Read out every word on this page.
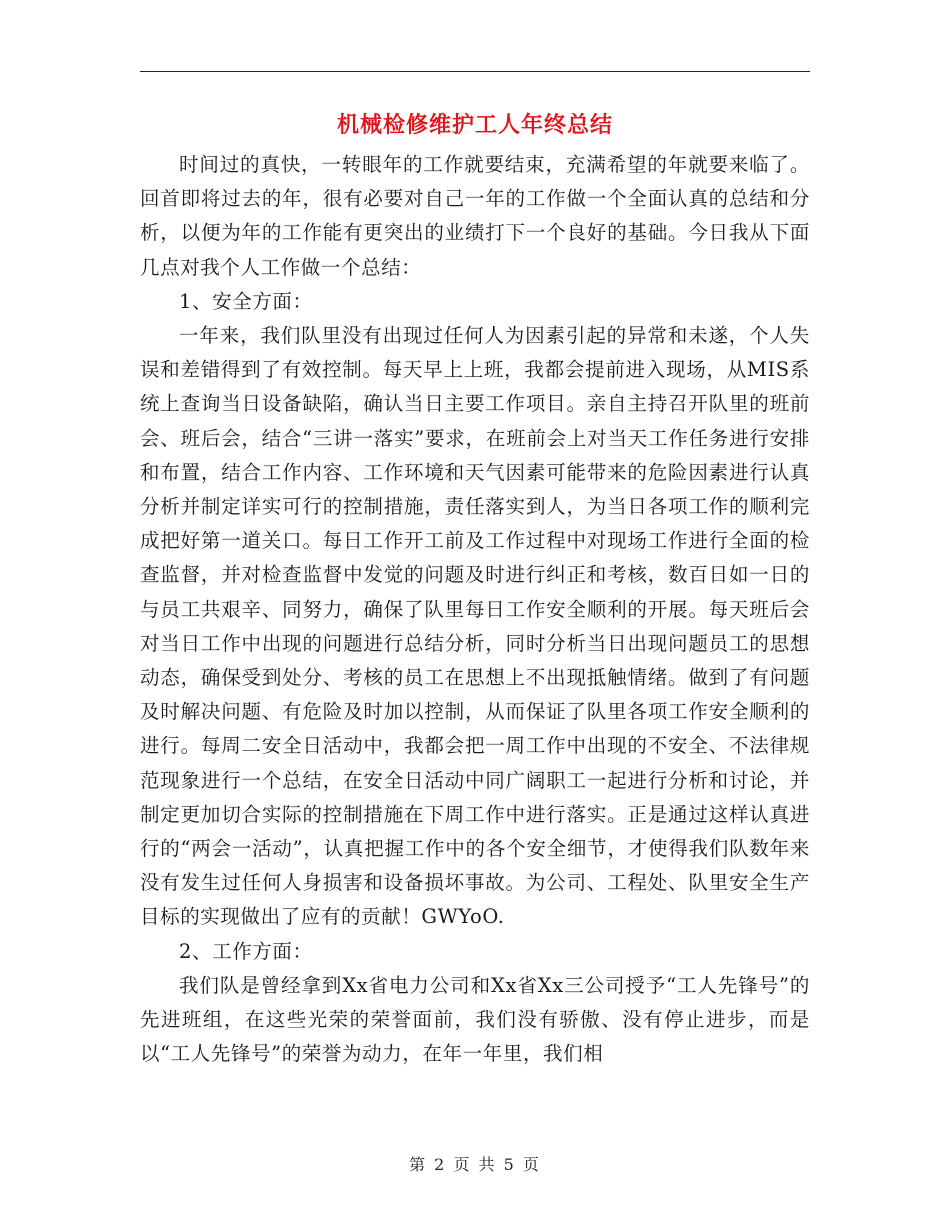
机械检修维护工人年终总结

时间过的真快，一转眼年的工作就要结束，充满希望的年就要来临了。回首即将过去的年，很有必要对自己一年的工作做一个全面认真的总结和分析，以便为年的工作能有更突出的业绩打下一个良好的基础。今日我从下面几点对我个人工作做一个总结：

1、安全方面：

一年来，我们队里没有出现过任何人为因素引起的异常和未遂，个人失误和差错得到了有效控制。每天早上上班，我都会提前进入现场，从MIS系统上查询当日设备缺陷，确认当日主要工作项目。亲自主持召开队里的班前会、班后会，结合“三讲一落实”要求，在班前会上对当天工作任务进行安排和布置，结合工作内容、工作环境和天气因素可能带来的危险因素进行认真分析并制定详实可行的控制措施，责任落实到人，为当日各项工作的顺利完成把好第一道关口。每日工作开工前及工作过程中对现场工作进行全面的检查监督，并对检查监督中发觉的问题及时进行纠正和考核，数百日如一日的与员工共艰辛、同努力，确保了队里每日工作安全顺利的开展。每天班后会对当日工作中出现的问题进行总结分析，同时分析当日出现问题员工的思想动态，确保受到处分、考核的员工在思想上不出现抵触情绪。做到了有问题及时解决问题、有危险及时加以控制，从而保证了队里各项工作安全顺利的进行。每周二安全日活动中，我都会把一周工作中出现的不安全、不法律规范现象进行一个总结，在安全日活动中同广阔职工一起进行分析和讨论，并制定更加切合实际的控制措施在下周工作中进行落实。正是通过这样认真进行的“两会一活动”，认真把握工作中的各个安全细节，才使得我们队数年来没有发生过任何人身损害和设备损坏事故。为公司、工程处、队里安全生产目标的实现做出了应有的贡献！GWYoO.

2、工作方面：

我们队是曾经拿到Xx省电力公司和Xx省Xx三公司授予“工人先锋号”的先进班组，在这些光荣的荣誉面前，我们没有骄傲、没有停止进步，而是以“工人先锋号”的荣誉为动力，在年一年里，我们相

第 2 页 共 5 页
